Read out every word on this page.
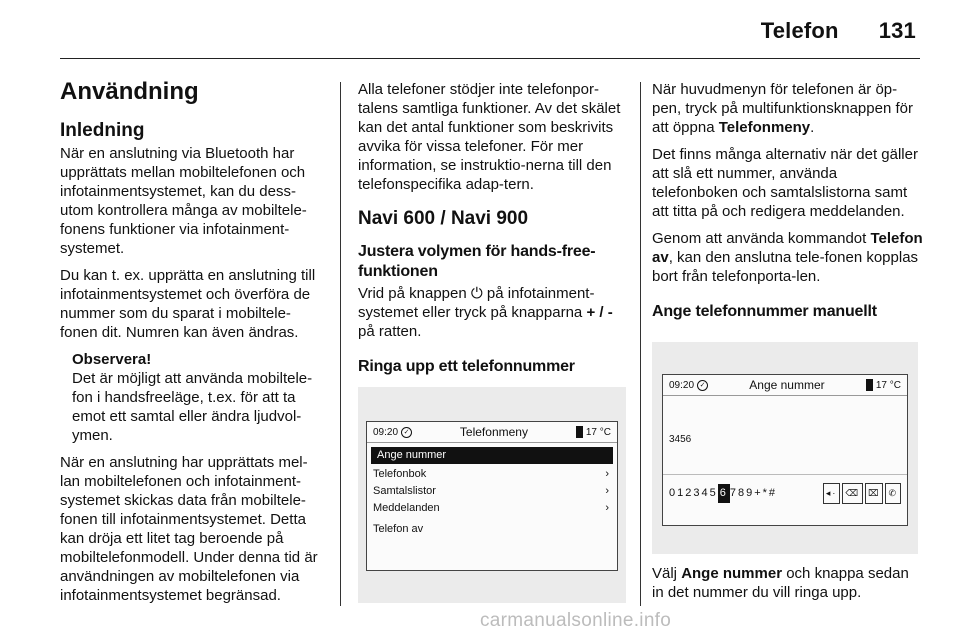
Telefon 131
Användning
Inledning

När en anslutning via Bluetooth har upprättats mellan mobiltelefonen och infotainmentsystemet, kan du dess-utom kontrollera många av mobiltele-fonens funktioner via infotainment-systemet.

Du kan t. ex. upprätta en anslutning till infotainmentsystemet och överföra de nummer som du sparat i mobiltele-fonen dit. Numren kan även ändras.

Observera!
Det är möjligt att använda mobiltele-fon i handsfreeläge, t.ex. för att ta emot ett samtal eller ändra ljudvol-ymen.

När en anslutning har upprättats mel-lan mobiltelefonen och infotainment-systemet skickas data från mobiltele-fonen till infotainmentsystemet. Detta kan dröja ett litet tag beroende på mobiltelefonmodell. Under denna tid är användningen av mobiltelefonen via infotainmentsystemet begränsad.

Alla telefoner stödjer inte telefonpor-talens samtliga funktioner. Av det skälet kan det antal funktioner som beskrivits avvika för vissa telefoner. För mer information, se instruktio-nerna till den telefonspecifika adap-tern.

Navi 600 / Navi 900
Justera volymen för hands-free-funktionen

Vrid på knappen ⏻ på infotainment-systemet eller tryck på knapparna + / - på ratten.

Ringa upp ett telefonnummer
09:20 ✓	Telefonmeny	17 °C
Ange nummer
Telefonbok	›
Samtalslistor	›
Meddelanden	›
Telefon av

När huvudmenyn för telefonen är öp-pen, tryck på multifunktionsknappen för att öppna Telefonmeny.

Det finns många alternativ när det gäller att slå ett nummer, använda telefonboken och samtalslistorna samt att titta på och redigera meddelanden.

Genom att använda kommandot Telefon av, kan den anslutna tele-fonen kopplas bort från telefonporta-len.

Ange telefonnummer manuellt
09:20 ✓	Ange nummer	17 °C
3456
012345 6 789+*#	◂· ⌫ ⌧ ✆

Välj Ange nummer och knappa sedan in det nummer du vill ringa upp.

carmanualsonline.info
